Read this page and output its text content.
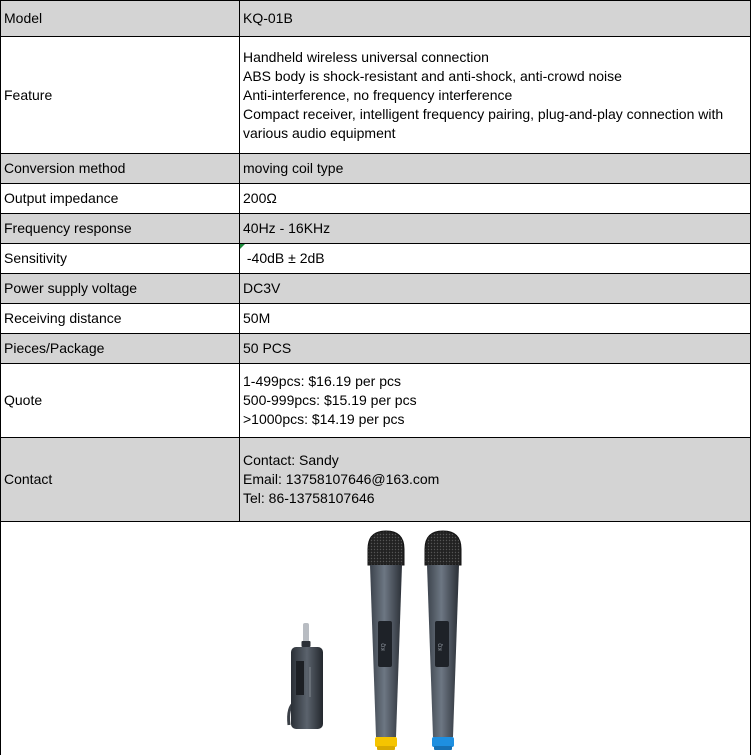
Model	KQ-01B

Feature	Handheld wireless universal connection
ABS body is shock-resistant and anti-shock, anti-crowd noise
Anti-interference, no frequency interference
Compact receiver, intelligent frequency pairing, plug-and-play connection with various audio equipment

Conversion method	moving coil type

Output impedance	200Ω

Frequency response	40Hz - 16KHz

Sensitivity	-40dB ± 2dB

Power supply voltage	DC3V

Receiving distance	50M

Pieces/Package	50 PCS

Quote	1-499pcs: $16.19 per pcs
500-999pcs: $15.19 per pcs
>1000pcs: $14.19 per pcs

Contact	Contact: Sandy
Email: 13758107646@163.com
Tel: 86-13758107646
KQ	KQ
